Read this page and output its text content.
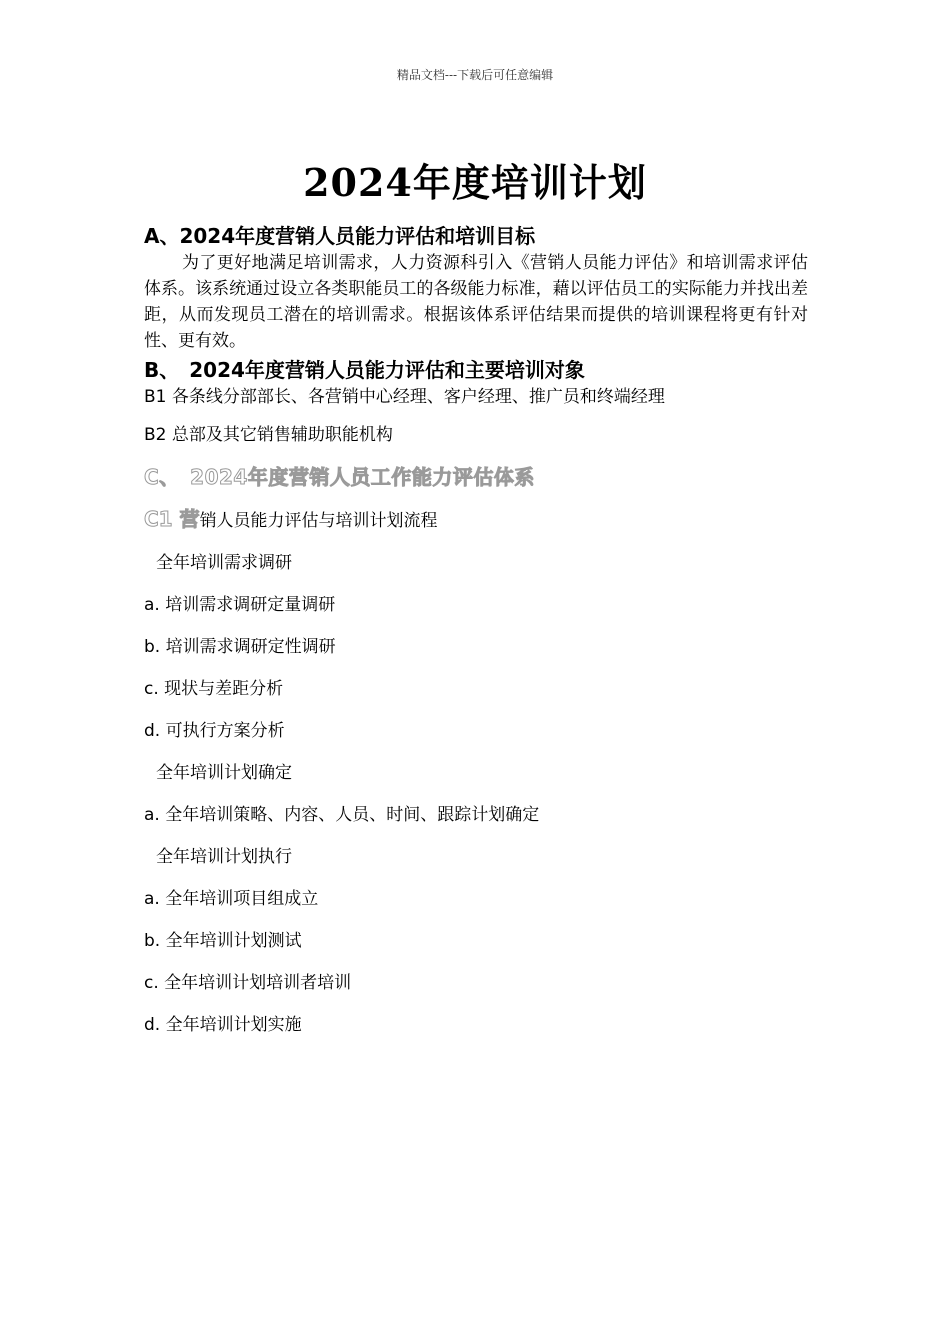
精品文档---下载后可任意编辑
2024年度培训计划

A、2024年度营销人员能力评估和培训目标

为了更好地满足培训需求，人力资源科引入《营销人员能力评估》和培训需求评估体系。该系统通过设立各类职能员工的各级能力标准，藉以评估员工的实际能力并找出差距，从而发现员工潜在的培训需求。根据该体系评估结果而提供的培训课程将更有针对性、更有效。

B、　2024年度营销人员能力评估和主要培训对象

B1 各条线分部部长、各营销中心经理、客户经理、推广员和终端经理

B2 总部及其它销售辅助职能机构

C、　2024年度营销人员工作能力评估体系

C1 营销人员能力评估与培训计划流程

全年培训需求调研

a. 培训需求调研定量调研

b. 培训需求调研定性调研

c. 现状与差距分析

d. 可执行方案分析

全年培训计划确定

a. 全年培训策略、内容、人员、时间、跟踪计划确定

全年培训计划执行

a. 全年培训项目组成立

b. 全年培训计划测试

c. 全年培训计划培训者培训

d. 全年培训计划实施
